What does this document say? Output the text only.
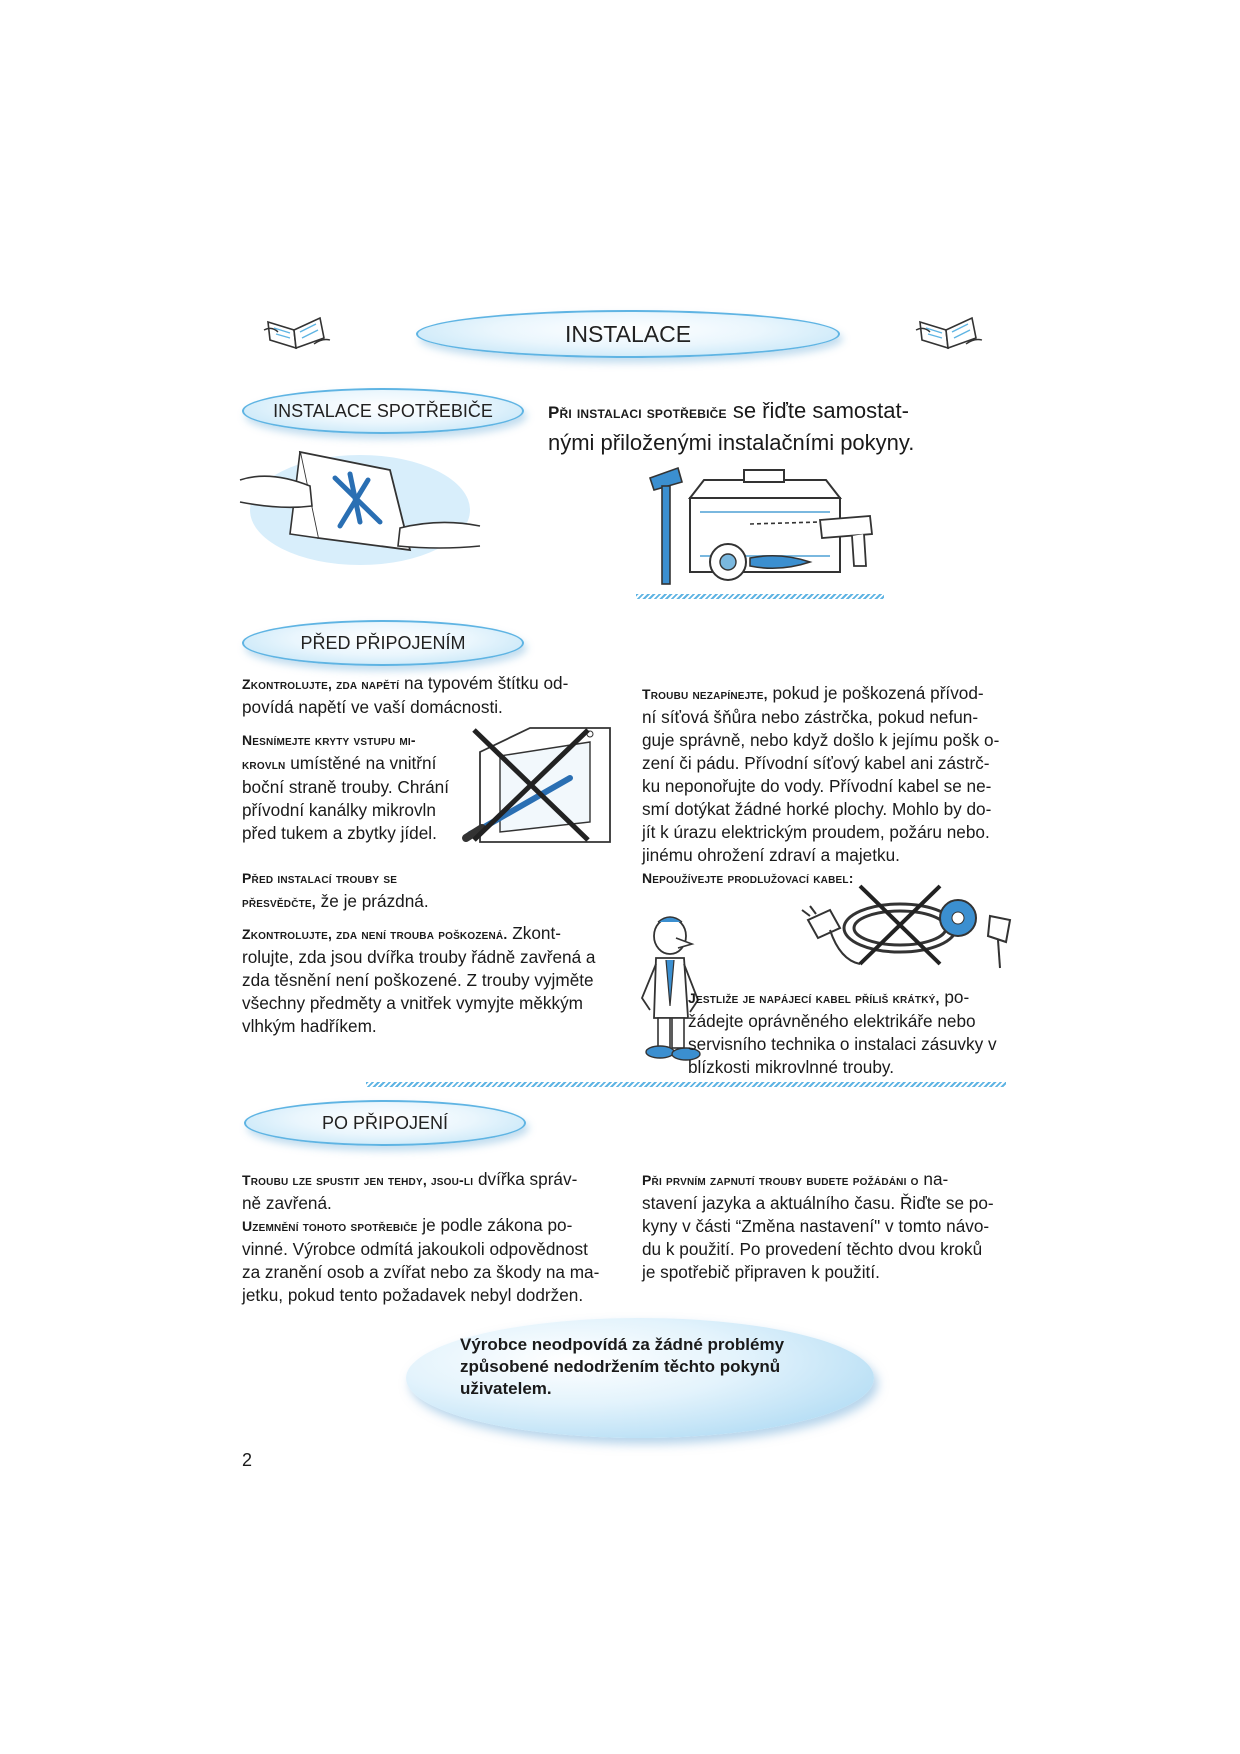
INSTALACE
INSTALACE SPOTŘEBIČE	Při instalaci spotřebiče se řiďte samostat-
nými přiloženými instalačními pokyny.
PŘED PŘIPOJENÍM
Zkontrolujte, zda napětí na typovém štítku od-
povídá napětí ve vaší domácnosti.
Nesnímejte kryty vstupu mi-
krovln umístěné na vnitřní
boční straně trouby. Chrání
přívodní kanálky mikrovln
před tukem a zbytky jídel.
Před instalací trouby se
přesvědčte, že je prázdná.
Zkontrolujte, zda není trouba poškozená. Zkont-
rolujte, zda jsou dvířka trouby řádně zavřená a
zda těsnění není poškozené. Z trouby vyjměte
všechny předměty a vnitřek vymyjte měkkým
vlhkým hadříkem.
Troubu nezapínejte, pokud je poškozená přívod-
ní síťová šňůra nebo zástrčka, pokud nefun-
guje správně, nebo když došlo k jejímu pošk o-
zení či pádu. Přívodní síťový kabel ani zástrč-
ku neponořujte do vody. Přívodní kabel se ne-
smí dotýkat žádné horké plochy. Mohlo by do-
jít k úrazu elektrickým proudem, požáru nebo.
jinému ohrožení zdraví a majetku.
Nepoužívejte prodlužovací kabel:
Jestliže je napájecí kabel příliš krátký, po-
žádejte oprávněného elektrikáře nebo
servisního technika o instalaci zásuvky v
blízkosti mikrovlnné trouby.
PO PŘIPOJENÍ
Troubu lze spustit jen tehdy, jsou-li dvířka správ-
ně zavřená.
Uzemnění tohoto spotřebiče je podle zákona po-
vinné. Výrobce odmítá jakoukoli odpovědnost
za zranění osob a zvířat nebo za škody na ma-
jetku, pokud tento požadavek nebyl dodržen.
Při prvním zapnutí trouby budete požádáni o na-
stavení jazyka a aktuálního času. Řiďte se po-
kyny v části “Změna nastavení" v tomto návo-
du k použití. Po provedení těchto dvou kroků
je spotřebič připraven k použití.
Výrobce neodpovídá za žádné problémy
způsobené nedodržením těchto pokynů
uživatelem.
2
